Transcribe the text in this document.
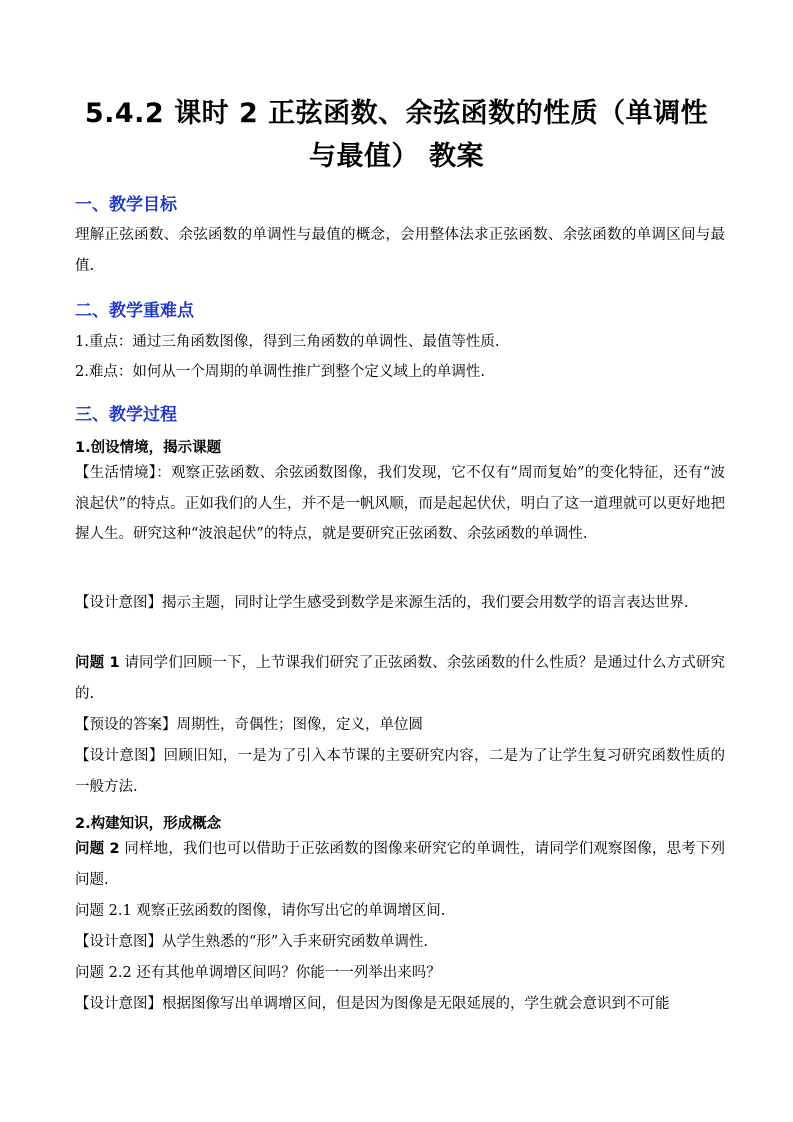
5.4.2 课时 2 正弦函数、余弦函数的性质（单调性
与最值） 教案
一、教学目标

理解正弦函数、余弦函数的单调性与最值的概念，会用整体法求正弦函数、余弦函数的单调区间与最值.

二、教学重难点

1.重点：通过三角函数图像，得到三角函数的单调性、最值等性质.

2.难点：如何从一个周期的单调性推广到整个定义域上的单调性.

三、教学过程
1.创设情境，揭示课题

【生活情境】：观察正弦函数、余弦函数图像，我们发现，它不仅有“周而复始”的变化特征，还有“波浪起伏”的特点。正如我们的人生，并不是一帆风顺，而是起起伏伏，明白了这一道理就可以更好地把握人生。研究这种“波浪起伏”的特点，就是要研究正弦函数、余弦函数的单调性.

【设计意图】揭示主题，同时让学生感受到数学是来源生活的，我们要会用数学的语言表达世界.

问题 1 请同学们回顾一下，上节课我们研究了正弦函数、余弦函数的什么性质？是通过什么方式研究的.

【预设的答案】周期性，奇偶性；图像，定义，单位圆

【设计意图】回顾旧知，一是为了引入本节课的主要研究内容，二是为了让学生复习研究函数性质的一般方法.

2.构建知识，形成概念

问题 2 同样地，我们也可以借助于正弦函数的图像来研究它的单调性，请同学们观察图像，思考下列问题.

问题 2.1 观察正弦函数的图像，请你写出它的单调增区间.

【设计意图】从学生熟悉的“形”入手来研究函数单调性.

问题 2.2 还有其他单调增区间吗？你能一一列举出来吗？

【设计意图】根据图像写出单调增区间，但是因为图像是无限延展的，学生就会意识到不可能
